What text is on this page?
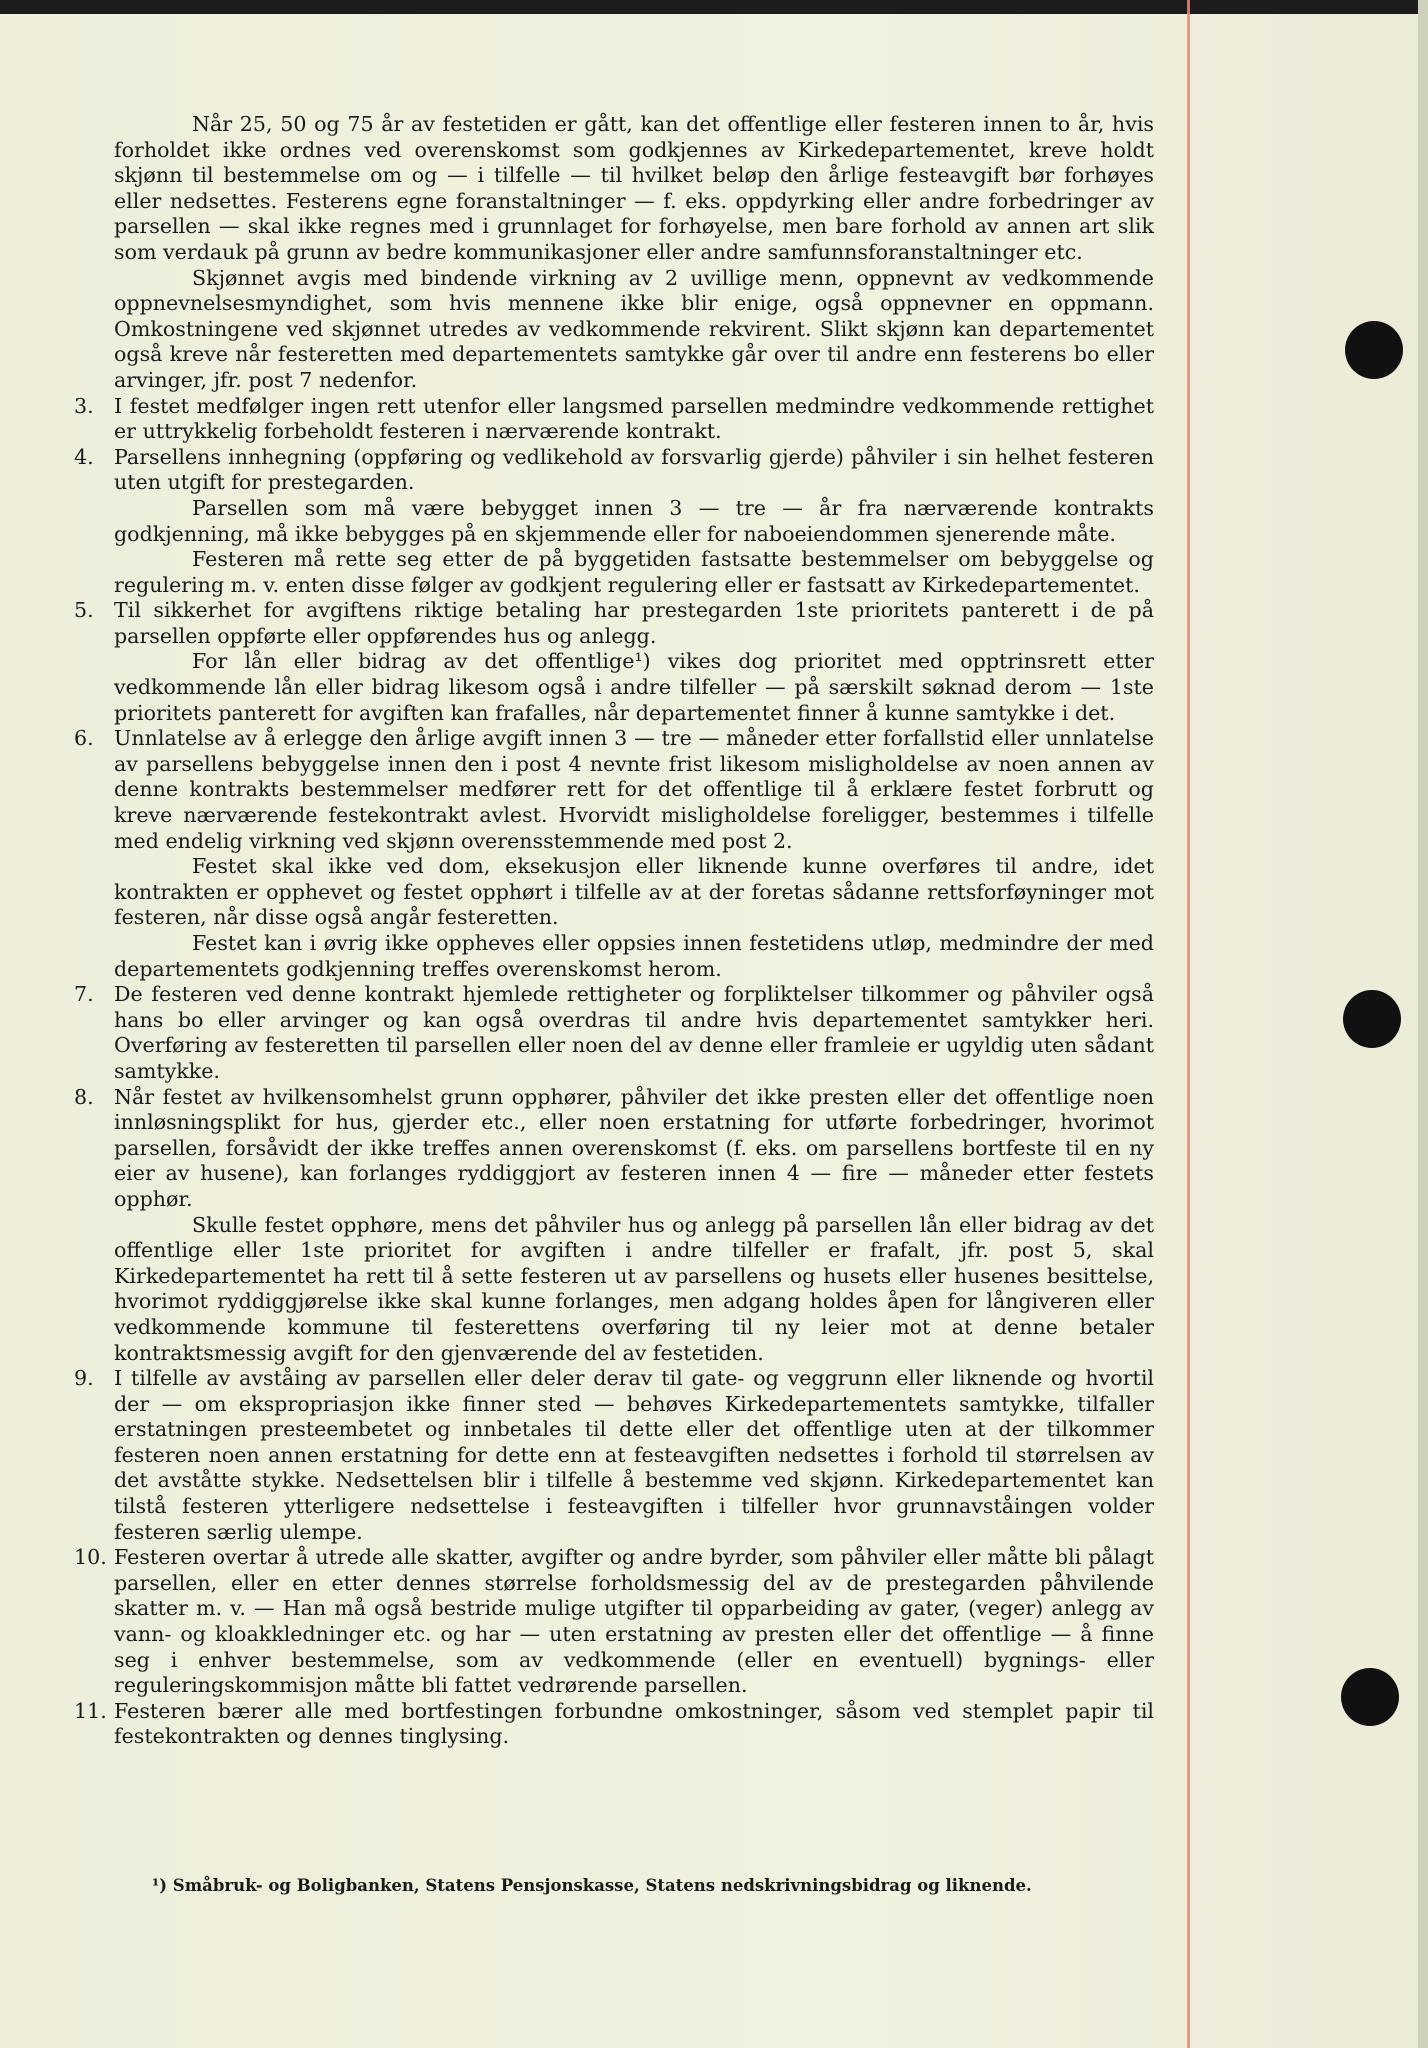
Når 25, 50 og 75 år av festetiden er gått, kan det offentlige eller festeren innen to år, hvis forholdet ikke ordnes ved overenskomst som godkjennes av Kirkedepartementet, kreve holdt skjønn til bestemmelse om og — i tilfelle — til hvilket beløp den årlige festeavgift bør forhøyes eller nedsettes. Festerens egne foranstaltninger — f. eks. oppdyrking eller andre forbedringer av parsellen — skal ikke regnes med i grunnlaget for forhøyelse, men bare forhold av annen art slik som verdauk på grunn av bedre kommunikasjoner eller andre samfunnsforanstaltninger etc.
Skjønnet avgis med bindende virkning av 2 uvillige menn, oppnevnt av vedkommende oppnevnelsesmyndighet, som hvis mennene ikke blir enige, også oppnevner en oppmann. Omkostningene ved skjønnet utredes av vedkommende rekvirent. Slikt skjønn kan departementet også kreve når festeretten med departementets samtykke går over til andre enn festerens bo eller arvinger, jfr. post 7 nedenfor.
3. I festet medfølger ingen rett utenfor eller langsmed parsellen medmindre vedkommende rettighet er uttrykkelig forbeholdt festeren i nærværende kontrakt.
4. Parsellens innhegning (oppføring og vedlikehold av forsvarlig gjerde) påhviler i sin helhet festeren uten utgift for prestegarden.
Parsellen som må være bebygget innen 3 — tre — år fra nærværende kontrakts godkjenning, må ikke bebygges på en skjemmende eller for naboeiendommen sjenerende måte.
Festeren må rette seg etter de på byggetiden fastsatte bestemmelser om bebyggelse og regulering m. v. enten disse følger av godkjent regulering eller er fastsatt av Kirkedepartementet.
5. Til sikkerhet for avgiftens riktige betaling har prestegarden 1ste prioritets panterett i de på parsellen oppførte eller oppførendes hus og anlegg.
For lån eller bidrag av det offentlige¹) vikes dog prioritet med opptrinsrett etter vedkommende lån eller bidrag likesom også i andre tilfeller — på særskilt søknad derom — 1ste prioritets panterett for avgiften kan frafalles, når departementet finner å kunne samtykke i det.
6. Unnlatelse av å erlegge den årlige avgift innen 3 — tre — måneder etter forfallstid eller unnlatelse av parsellens bebyggelse innen den i post 4 nevnte frist likesom misligholdelse av noen annen av denne kontrakts bestemmelser medfører rett for det offentlige til å erklære festet forbrutt og kreve nærværende festekontrakt avlest. Hvorvidt misligholdelse foreligger, bestemmes i tilfelle med endelig virkning ved skjønn overensstemmende med post 2.
Festet skal ikke ved dom, eksekusjon eller liknende kunne overføres til andre, idet kontrakten er opphevet og festet opphørt i tilfelle av at der foretas sådanne rettsforføyninger mot festeren, når disse også angår festeretten.
Festet kan i øvrig ikke oppheves eller oppsies innen festetidens utløp, medmindre der med departementets godkjenning treffes overenskomst herom.
7. De festeren ved denne kontrakt hjemlede rettigheter og forpliktelser tilkommer og påhviler også hans bo eller arvinger og kan også overdras til andre hvis departementet samtykker heri. Overføring av festeretten til parsellen eller noen del av denne eller framleie er ugyldig uten sådant samtykke.
8. Når festet av hvilkensomhelst grunn opphører, påhviler det ikke presten eller det offentlige noen innløsningsplikt for hus, gjerder etc., eller noen erstatning for utførte forbedringer, hvorimot parsellen, forsåvidt der ikke treffes annen overenskomst (f. eks. om parsellens bortfeste til en ny eier av husene), kan forlanges ryddiggjort av festeren innen 4 — fire — måneder etter festets opphør.
Skulle festet opphøre, mens det påhviler hus og anlegg på parsellen lån eller bidrag av det offentlige eller 1ste prioritet for avgiften i andre tilfeller er frafalt, jfr. post 5, skal Kirkedepartementet ha rett til å sette festeren ut av parsellens og husets eller husenes besittelse, hvorimot ryddiggjørelse ikke skal kunne forlanges, men adgang holdes åpen for långiveren eller vedkommende kommune til festerettens overføring til ny leier mot at denne betaler kontraktsmessig avgift for den gjenværende del av festetiden.
9. I tilfelle av avståing av parsellen eller deler derav til gate- og veggrunn eller liknende og hvortil der — om ekspropriasjon ikke finner sted — behøves Kirkedepartementets samtykke, tilfaller erstatningen presteembetet og innbetales til dette eller det offentlige uten at der tilkommer festeren noen annen erstatning for dette enn at festeavgiften nedsettes i forhold til størrelsen av det avståtte stykke. Nedsettelsen blir i tilfelle å bestemme ved skjønn. Kirkedepartementet kan tilstå festeren ytterligere nedsettelse i festeavgiften i tilfeller hvor grunnavståingen volder festeren særlig ulempe.
10. Festeren overtar å utrede alle skatter, avgifter og andre byrder, som påhviler eller måtte bli pålagt parsellen, eller en etter dennes størrelse forholdsmessig del av de prestegarden påhvilende skatter m. v. — Han må også bestride mulige utgifter til opparbeiding av gater, (veger) anlegg av vann- og kloakkledninger etc. og har — uten erstatning av presten eller det offentlige — å finne seg i enhver bestemmelse, som av vedkommende (eller en eventuell) bygnings- eller reguleringskommisjon måtte bli fattet vedrørende parsellen.
11. Festeren bærer alle med bortfestingen forbundne omkostninger, såsom ved stemplet papir til festekontrakten og dennes tinglysing.
¹) Småbruk- og Boligbanken, Statens Pensjonskasse, Statens nedskrivningsbidrag og liknende.
